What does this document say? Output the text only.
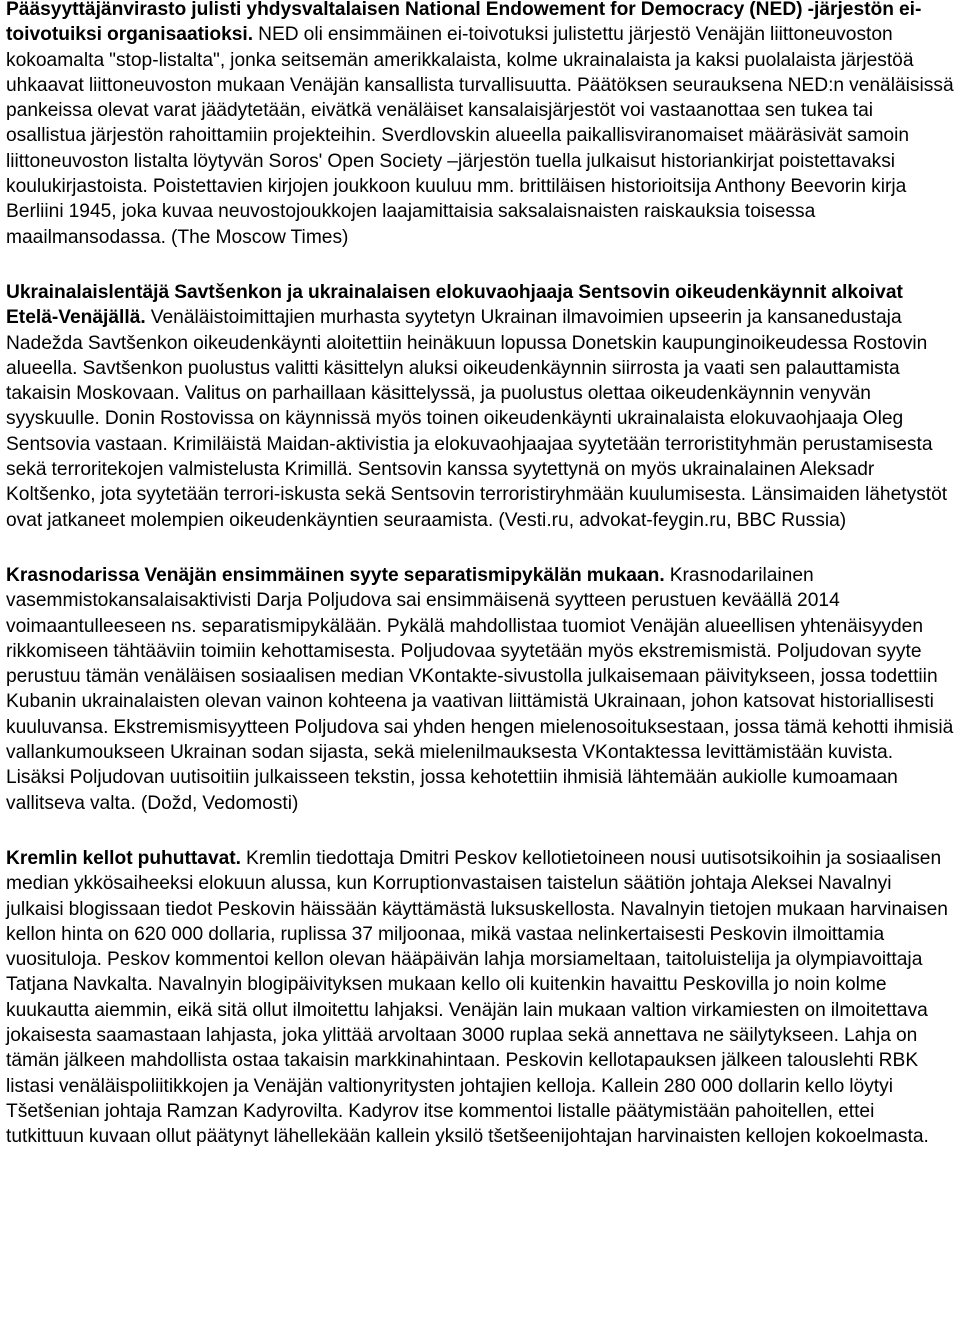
Pääsyyttäjänvirasto julisti yhdysvaltalaisen National Endowement for Democracy (NED) -järjestön ei-toivotuiksi organisaatioksi. NED oli ensimmäinen ei-toivotuksi julistettu järjestö Venäjän liittoneuvoston kokoamalta "stop-listalta", jonka seitsemän amerikkalaista, kolme ukrainalaista ja kaksi puolalaista järjestöä uhkaavat liittoneuvoston mukaan Venäjän kansallista turvallisuutta. Päätöksen seurauksena NED:n venäläisissä pankeissa olevat varat jäädytetään, eivätkä venäläiset kansalaisjärjestöt voi vastaanottaa sen tukea tai osallistua järjestön rahoittamiin projekteihin. Sverdlovskin alueella paikallisviranomaiset määräsivät samoin liittoneuvoston listalta löytyvän Soros' Open Society –järjestön tuella julkaisut historiankirjat poistettavaksi koulukirjastoista. Poistettavien kirjojen joukkoon kuuluu mm. brittiläisen historioitsija Anthony Beevorin kirja Berliini 1945, joka kuvaa neuvostojoukkojen laajamittaisia saksalaisnaisten raiskauksia toisessa maailmansodassa. (The Moscow Times)

Ukrainalaislentäjä Savtšenkon ja ukrainalaisen elokuvaohjaaja Sentsovin oikeudenkäynnit alkoivat Etelä-Venäjällä. Venäläistoimittajien murhasta syytetyn Ukrainan ilmavoimien upseerin ja kansanedustaja Nadežda Savtšenkon oikeudenkäynti aloitettiin heinäkuun lopussa Donetskin kaupunginoikeudessa Rostovin alueella. Savtšenkon puolustus valitti käsittelyn aluksi oikeudenkäynnin siirrosta ja vaati sen palauttamista takaisin Moskovaan. Valitus on parhaillaan käsittelyssä, ja puolustus olettaa oikeudenkäynnin venyvän syyskuulle. Donin Rostovissa on käynnissä myös toinen oikeudenkäynti ukrainalaista elokuvaohjaaja Oleg Sentsovia vastaan. Krimiläistä Maidan-aktivistia ja elokuvaohjaajaa syytetään terroristityhmän perustamisesta sekä terroritekojen valmistelusta Krimillä. Sentsovin kanssa syytettynä on myös ukrainalainen Aleksadr Koltšenko, jota syytetään terrori-iskusta sekä Sentsovin terroristiryhmään kuulumisesta. Länsimaiden lähetystöt ovat jatkaneet molempien oikeudenkäyntien seuraamista. (Vesti.ru, advokat-feygin.ru, BBC Russia)

Krasnodarissa Venäjän ensimmäinen syyte separatismipykälän mukaan. Krasnodarilainen vasemmistokansalaisaktivisti Darja Poljudova sai ensimmäisenä syytteen perustuen keväällä 2014 voimaantulleeseen ns. separatismipykälään. Pykälä mahdollistaa tuomiot Venäjän alueellisen yhtenäisyyden rikkomiseen tähtääviin toimiin kehottamisesta. Poljudovaa syytetään myös ekstremismistä. Poljudovan syyte perustuu tämän venäläisen sosiaalisen median VKontakte-sivustolla julkaisemaan päivitykseen, jossa todettiin Kubanin ukrainalaisten olevan vainon kohteena ja vaativan liittämistä Ukrainaan, johon katsovat historiallisesti kuuluvansa. Ekstremismisyytteen Poljudova sai yhden hengen mielenosoituksestaan, jossa tämä kehotti ihmisiä vallankumoukseen Ukrainan sodan sijasta, sekä mielenilmauksesta VKontaktessa levittämistään kuvista. Lisäksi Poljudovan uutisoitiin julkaisseen tekstin, jossa kehotettiin ihmisiä lähtemään aukiolle kumoamaan vallitseva valta. (Dožd, Vedomosti)

Kremlin kellot puhuttavat. Kremlin tiedottaja Dmitri Peskov kellotietoineen nousi uutisotsikoihin ja sosiaalisen median ykkösaiheeksi elokuun alussa, kun Korruptionvastaisen taistelun säätiön johtaja Aleksei Navalnyi julkaisi blogissaan tiedot Peskovin häissään käyttämästä luksuskellosta. Navalnyin tietojen mukaan harvinaisen kellon hinta on 620 000 dollaria, ruplissa 37 miljoonaa, mikä vastaa nelinkertaisesti Peskovin ilmoittamia vuositulojа. Peskov kommentoi kellon olevan hääpäivän lahja morsiameltaan, taitoluistelija ja olympiavoittaja Tatjana Navkalta. Navalnyin blogipäivityksen mukaan kello oli kuitenkin havaittu Peskovilla jo noin kolme kuukautta aiemmin, eikä sitä ollut ilmoitettu lahjaksi. Venäjän lain mukaan valtion virkamiesten on ilmoitettava jokaisesta saamastaan lahjasta, joka ylittää arvoltaan 3000 ruplaa sekä annettava ne säilytykseen. Lahja on tämän jälkeen mahdollista ostaa takaisin markkinahintaan. Peskovin kellotapauksen jälkeen talouslehti RBK listasi venäläispoliitikkojen ja Venäjän valtionyritysten johtajien kelloja. Kallein 280 000 dollarin kello löytyi Tšetšenian johtaja Ramzan Kadyrovilta. Kadyrov itse kommentoi listalle päätymistään pahoitellen, ettei tutkittuun kuvaan ollut päätynyt lähellekään kallein yksilö tšetšeenijohtajan harvinaisten kellojen kokoelmasta.
